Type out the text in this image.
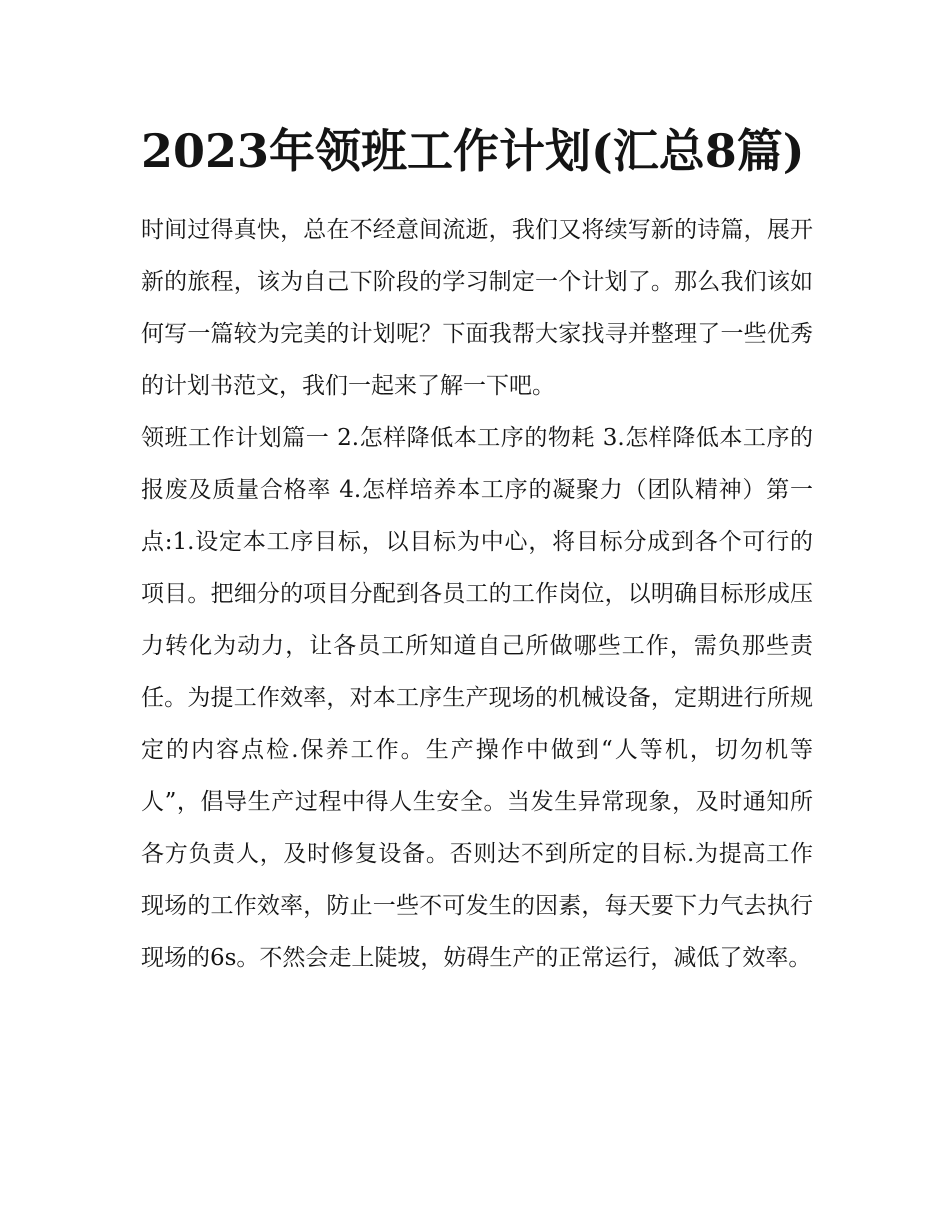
2023年领班工作计划(汇总8篇)

时间过得真快，总在不经意间流逝，我们又将续写新的诗篇，展开新的旅程，该为自己下阶段的学习制定一个计划了。那么我们该如何写一篇较为完美的计划呢？下面我帮大家找寻并整理了一些优秀的计划书范文，我们一起来了解一下吧。

领班工作计划篇一 2.怎样降低本工序的物耗 3.怎样降低本工序的报废及质量合格率 4.怎样培养本工序的凝聚力（团队精神）第一点:1.设定本工序目标，以目标为中心，将目标分成到各个可行的项目。把细分的项目分配到各员工的工作岗位，以明确目标形成压力转化为动力，让各员工所知道自己所做哪些工作，需负那些责任。为提工作效率，对本工序生产现场的机械设备，定期进行所规定的内容点检.保养工作。生产操作中做到“人等机，切勿机等人”，倡导生产过程中得人生安全。当发生异常现象，及时通知所各方负责人，及时修复设备。否则达不到所定的目标.为提高工作现场的工作效率，防止一些不可发生的因素，每天要下力气去执行现场的6s。不然会走上陡坡，妨碍生产的正常运行，减低了效率。
